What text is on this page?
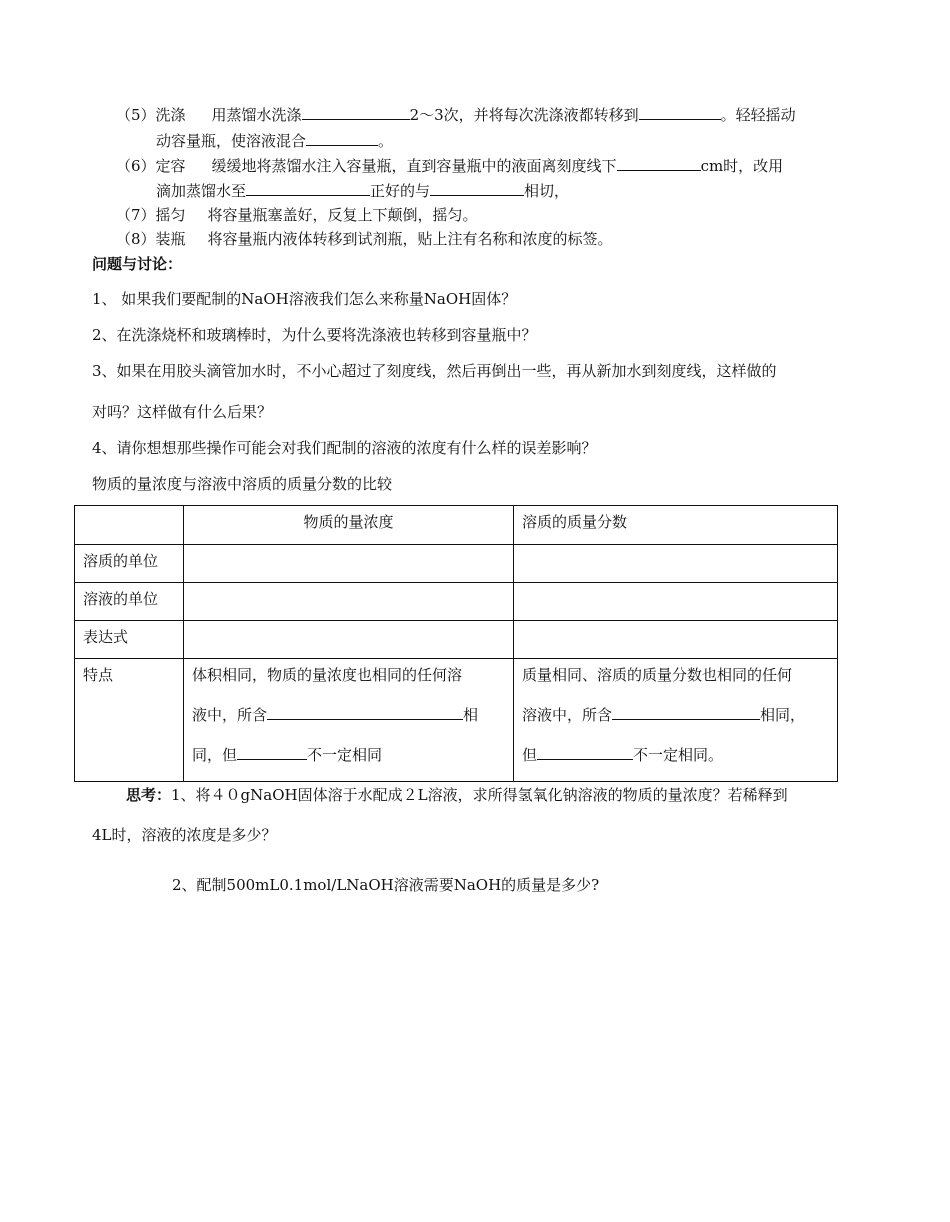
（5）洗涤 用蒸馏水洗涤	2～3次，并将每次洗涤液都转移到	。轻轻摇动
动容量瓶，使溶液混合	。
（6）定容 缓缓地将蒸馏水注入容量瓶，直到容量瓶中的液面离刻度线下	cm时，改用
滴加蒸馏水至	正好的与	相切，
（7）摇匀 将容量瓶塞盖好，反复上下颠倒，摇匀。
（8）装瓶 将容量瓶内液体转移到试剂瓶，贴上注有名称和浓度的标签。
问题与讨论：
1、 如果我们要配制的NaOH溶液我们怎么来称量NaOH固体？
2、在洗涤烧杯和玻璃棒时，为什么要将洗涤液也转移到容量瓶中？
3、如果在用胶头滴管加水时，不小心超过了刻度线，然后再倒出一些，再从新加水到刻度线，这样做的
对吗？这样做有什么后果？
4、请你想想那些操作可能会对我们配制的溶液的浓度有什么样的误差影响？
物质的量浓度与溶液中溶质的质量分数的比较
	物质的量浓度	溶质的质量分数
溶质的单位		
溶液的单位		
表达式		
特点	体积相同，物质的量浓度也相同的任何溶
液中，所含 相
同，但 不一定相同	质量相同、溶质的质量分数也相同的任何
溶液中，所含 相同，
但 不一定相同。
思考：1、将４０gNaOH固体溶于水配成２L溶液，求所得氢氧化钠溶液的物质的量浓度？若稀释到
4L时，溶液的浓度是多少？
2、配制500mL0.1mol/LNaOH溶液需要NaOH的质量是多少?
